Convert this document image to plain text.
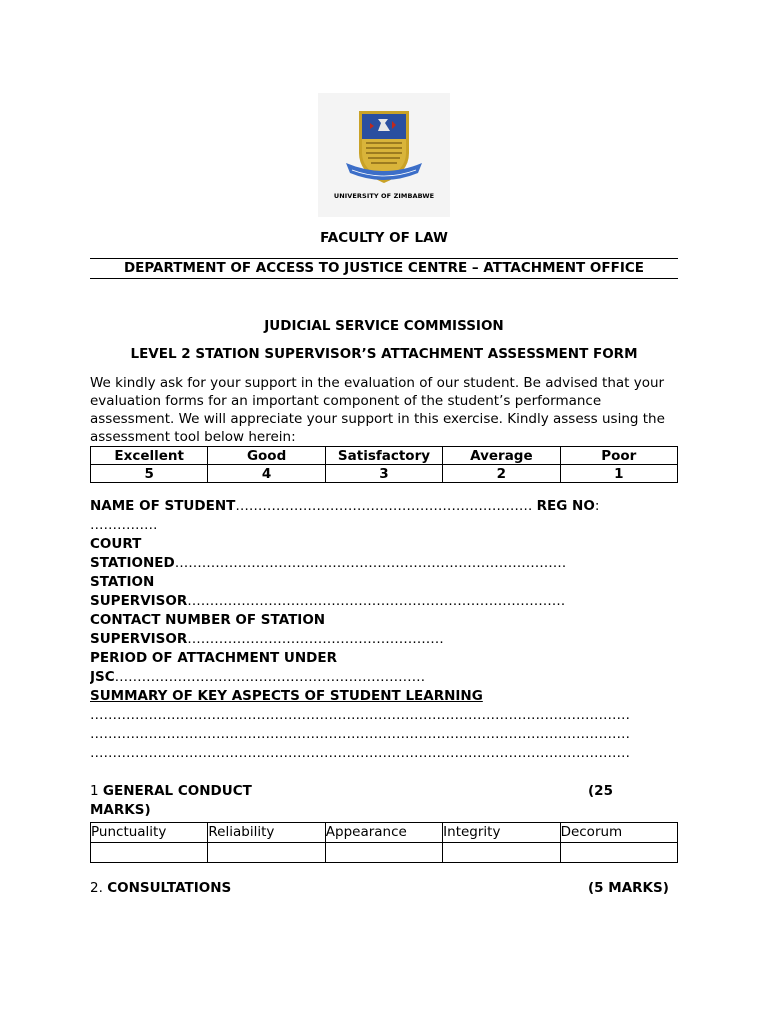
UNIVERSITY OF ZIMBABWE
FACULTY OF LAW
DEPARTMENT OF ACCESS TO JUSTICE CENTRE – ATTACHMENT OFFICE
JUDICIAL SERVICE COMMISSION
LEVEL 2 STATION SUPERVISOR’S ATTACHMENT ASSESSMENT FORM
We kindly ask for your support in the evaluation of our student. Be advised that your evaluation forms for an important component of the student’s performance assessment. We will appreciate your support in this exercise. Kindly assess using the assessment tool below herein:
Excellent	Good	Satisfactory	Average	Poor
5	4	3	2	1
NAME OF STUDENT………………………………………………………… REG NO:
……………
COURT
STATIONED……………………………………………………………………………
STATION
SUPERVISOR…………………………………………………………………………
CONTACT NUMBER OF STATION
SUPERVISOR…………………………………………………
PERIOD OF ATTACHMENT UNDER
JSC……………………………………………………………
SUMMARY OF KEY ASPECTS OF STUDENT LEARNING
…………………………………………………………………………………………………………
…………………………………………………………………………………………………………
…………………………………………………………………………………………………………
1 GENERAL CONDUCT	(25
MARKS)
Punctuality	Reliability	Appearance	Integrity	Decorum

2. CONSULTATIONS	(5 MARKS)
